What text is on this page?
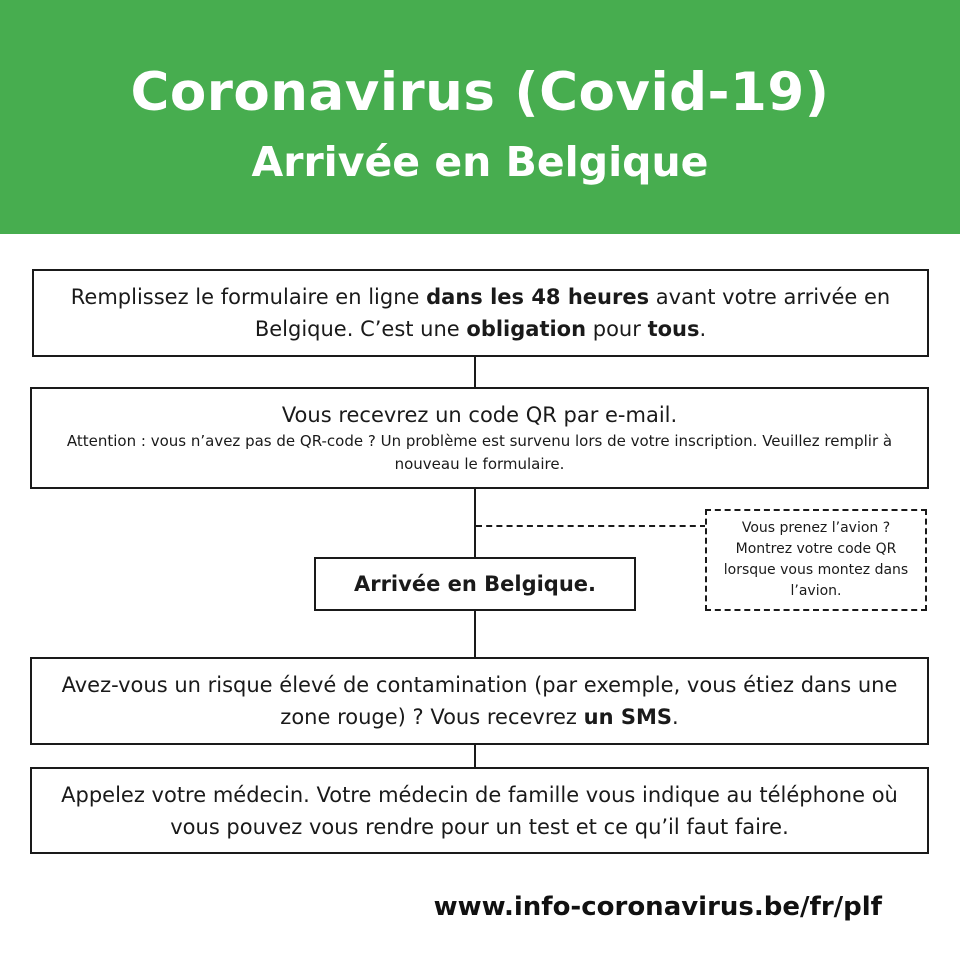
Coronavirus (Covid-19)
Arrivée en Belgique
Remplissez le formulaire en ligne dans les 48 heures avant votre arrivée en Belgique. C’est une obligation pour tous.
Vous recevrez un code QR par e-mail.
Attention : vous n’avez pas de QR-code ? Un problème est survenu lors de votre inscription. Veuillez remplir à nouveau le formulaire.
Arrivée en Belgique.
Vous prenez l’avion ? Montrez votre code QR lorsque vous montez dans l’avion.
Avez-vous un risque élevé de contamination (par exemple, vous étiez dans une zone rouge) ? Vous recevrez un SMS.
Appelez votre médecin. Votre médecin de famille vous indique au téléphone où vous pouvez vous rendre pour un test et ce qu’il faut faire.
www.info-coronavirus.be/fr/plf
